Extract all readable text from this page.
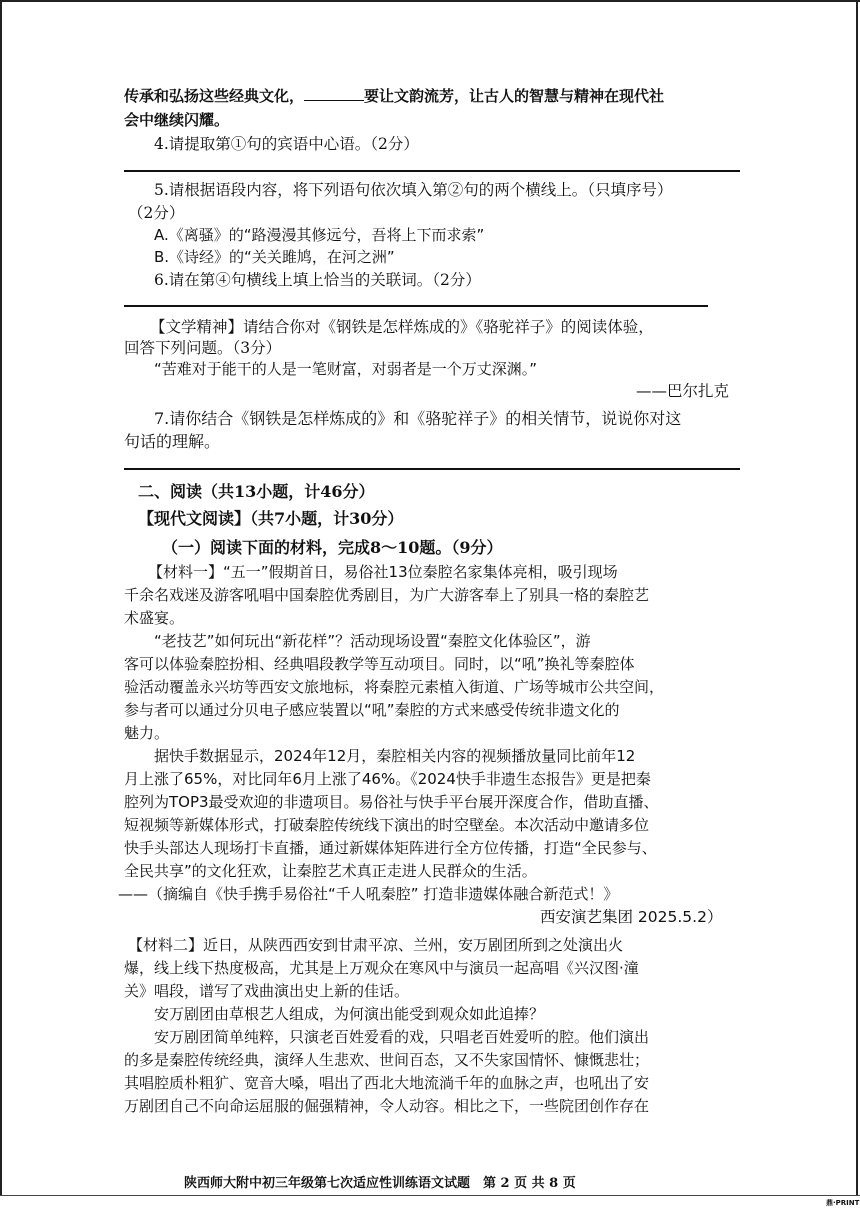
传承和弘扬这些经典文化，	要让文韵流芳，让古人的智慧与精神在现代社
会中继续闪耀。
4.请提取第①句的宾语中心语。（2分）
5.请根据语段内容，将下列语句依次填入第②句的两个横线上。（只填序号）
（2分）
A.《离骚》的“路漫漫其修远兮，吾将上下而求索”
B.《诗经》的“关关雎鸠，在河之洲”
6.请在第④句横线上填上恰当的关联词。（2分）
【文学精神】请结合你对《钢铁是怎样炼成的》《骆驼祥子》的阅读体验，
回答下列问题。（3分）
“苦难对于能干的人是一笔财富，对弱者是一个万丈深渊。”
——巴尔扎克
7.请你结合《钢铁是怎样炼成的》和《骆驼祥子》的相关情节，说说你对这
句话的理解。
二、阅读（共13小题，计46分）
【现代文阅读】（共7小题，计30分）
（一）阅读下面的材料，完成8～10题。（9分）
【材料一】“五一”假期首日，易俗社13位秦腔名家集体亮相，吸引现场
千余名戏迷及游客吼唱中国秦腔优秀剧目，为广大游客奉上了别具一格的秦腔艺
术盛宴。
“老技艺”如何玩出“新花样”？活动现场设置“秦腔文化体验区”，游
客可以体验秦腔扮相、经典唱段教学等互动项目。同时，以“吼”换礼等秦腔体
验活动覆盖永兴坊等西安文旅地标，将秦腔元素植入街道、广场等城市公共空间，
参与者可以通过分贝电子感应装置以“吼”秦腔的方式来感受传统非遗文化的
魅力。
据快手数据显示，2024年12月，秦腔相关内容的视频播放量同比前年12
月上涨了65%，对比同年6月上涨了46%。《2024快手非遗生态报告》更是把秦
腔列为TOP3最受欢迎的非遗项目。易俗社与快手平台展开深度合作，借助直播、
短视频等新媒体形式，打破秦腔传统线下演出的时空壁垒。本次活动中邀请多位
快手头部达人现场打卡直播，通过新媒体矩阵进行全方位传播，打造“全民参与、
全民共享”的文化狂欢，让秦腔艺术真正走进人民群众的生活。
——（摘编自《快手携手易俗社“千人吼秦腔” 打造非遗媒体融合新范式！》
西安演艺集团 2025.5.2）
【材料二】近日，从陕西西安到甘肃平凉、兰州，安万剧团所到之处演出火
爆，线上线下热度极高，尤其是上万观众在寒风中与演员一起高唱《兴汉图·潼
关》唱段，谱写了戏曲演出史上新的佳话。
安万剧团由草根艺人组成，为何演出能受到观众如此追捧？
安万剧团简单纯粹，只演老百姓爱看的戏，只唱老百姓爱听的腔。他们演出
的多是秦腔传统经典，演绎人生悲欢、世间百态，又不失家国情怀、慷慨悲壮；
其唱腔质朴粗犷、宽音大嗓，唱出了西北大地流淌千年的血脉之声，也吼出了安
万剧团自己不向命运屈服的倔强精神，令人动容。相比之下，一些院团创作存在
陕西师大附中初三年级第七次适应性训练语文试题　第 2 页 共 8 页
鼎·PRINT
